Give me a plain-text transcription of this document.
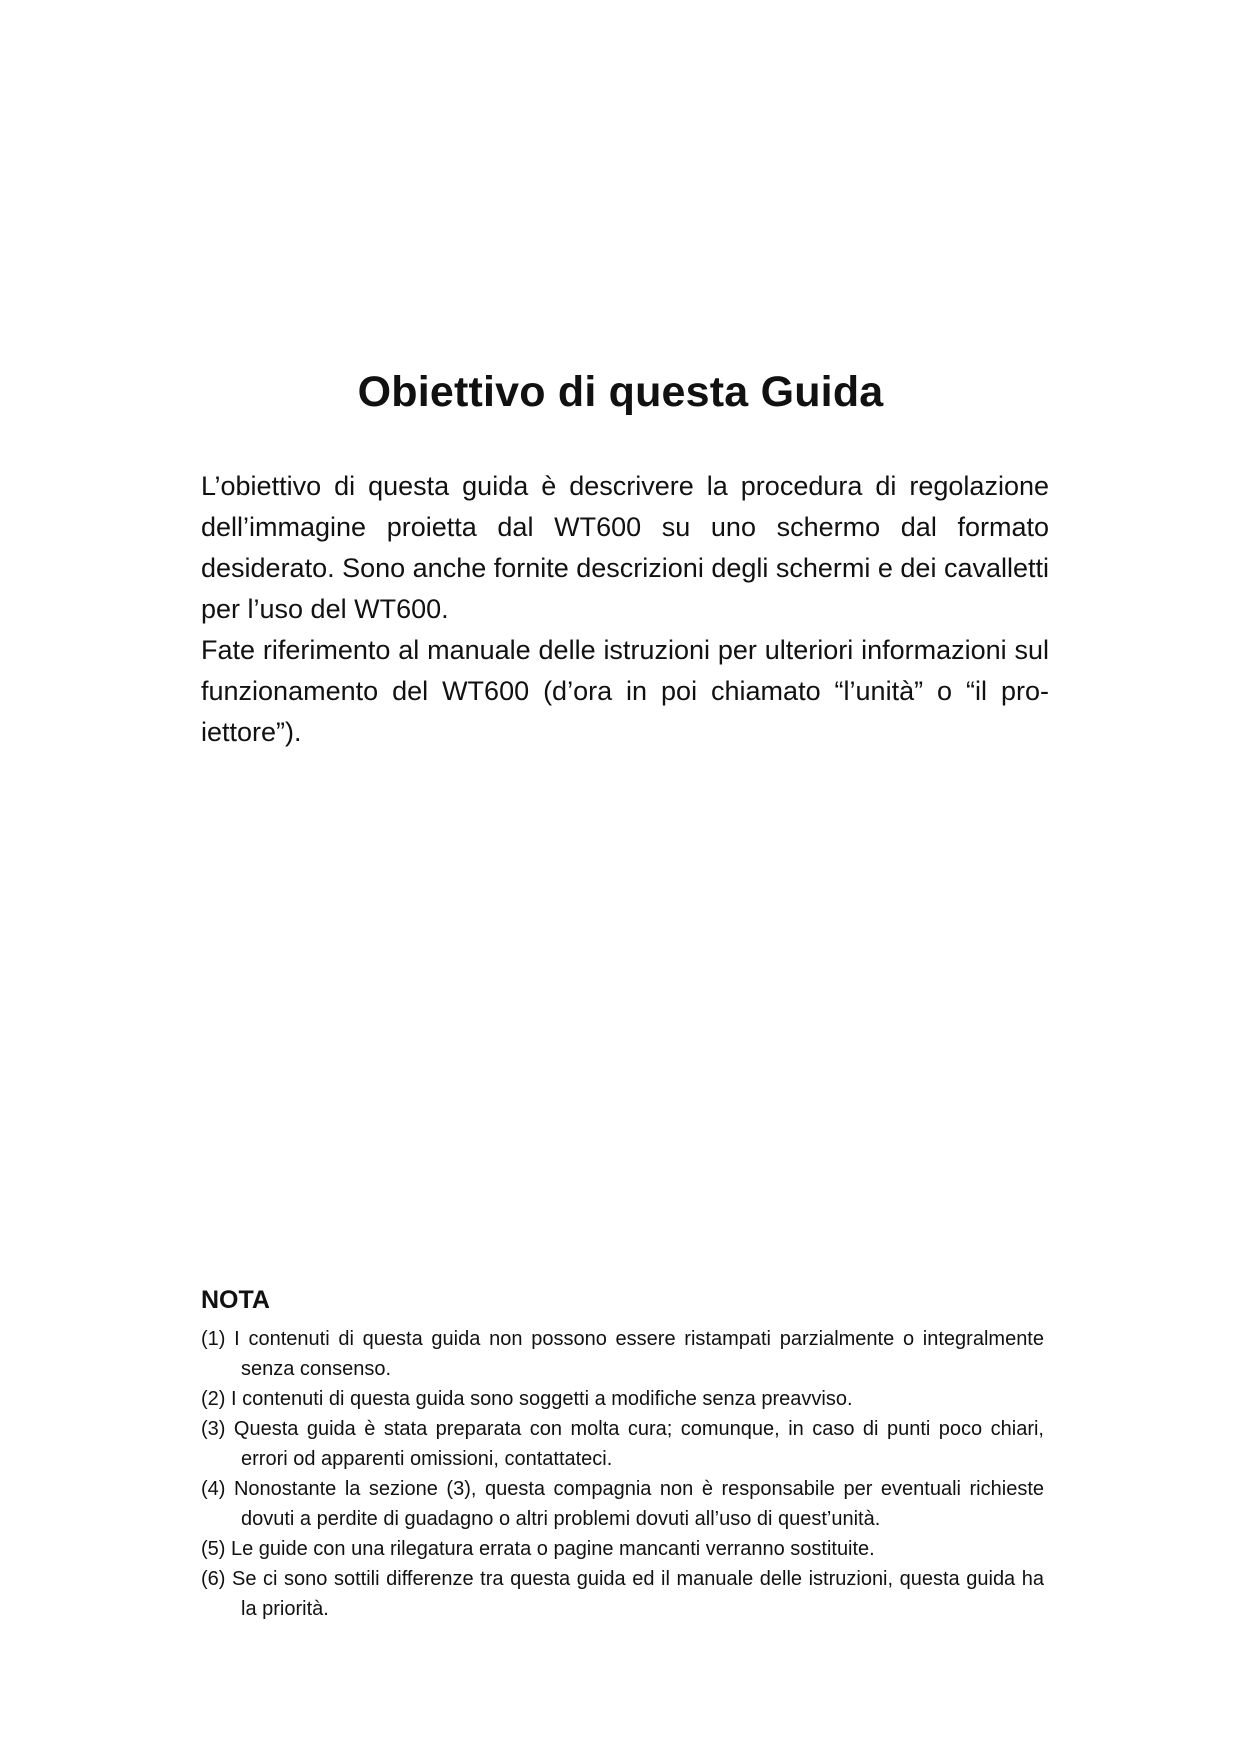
Obiettivo di questa Guida

L’obiettivo di questa guida è descrivere la procedura di regolazione dell’immagine proietta dal WT600 su uno schermo dal formato desiderato. Sono anche fornite descrizioni degli schermi e dei cavalletti per l’uso del WT600.

Fate riferimento al manuale delle istruzioni per ulteriori informazioni sul funzionamento del WT600 (d’ora in poi chiamato “l’unità” o “il proiettore”).

NOTA
(1) I contenuti di questa guida non possono essere ristampati parzialmente o integralmente senza consenso.
(2) I contenuti di questa guida sono soggetti a modifiche senza preavviso.
(3) Questa guida è stata preparata con molta cura; comunque, in caso di punti poco chiari, errori od apparenti omissioni, contattateci.
(4) Nonostante la sezione (3), questa compagnia non è responsabile per eventuali richieste dovuti a perdite di guadagno o altri problemi dovuti all’uso di quest’unità.
(5) Le guide con una rilegatura errata o pagine mancanti verranno sostituite.
(6) Se ci sono sottili differenze tra questa guida ed il manuale delle istruzioni, questa guida ha la priorità.
